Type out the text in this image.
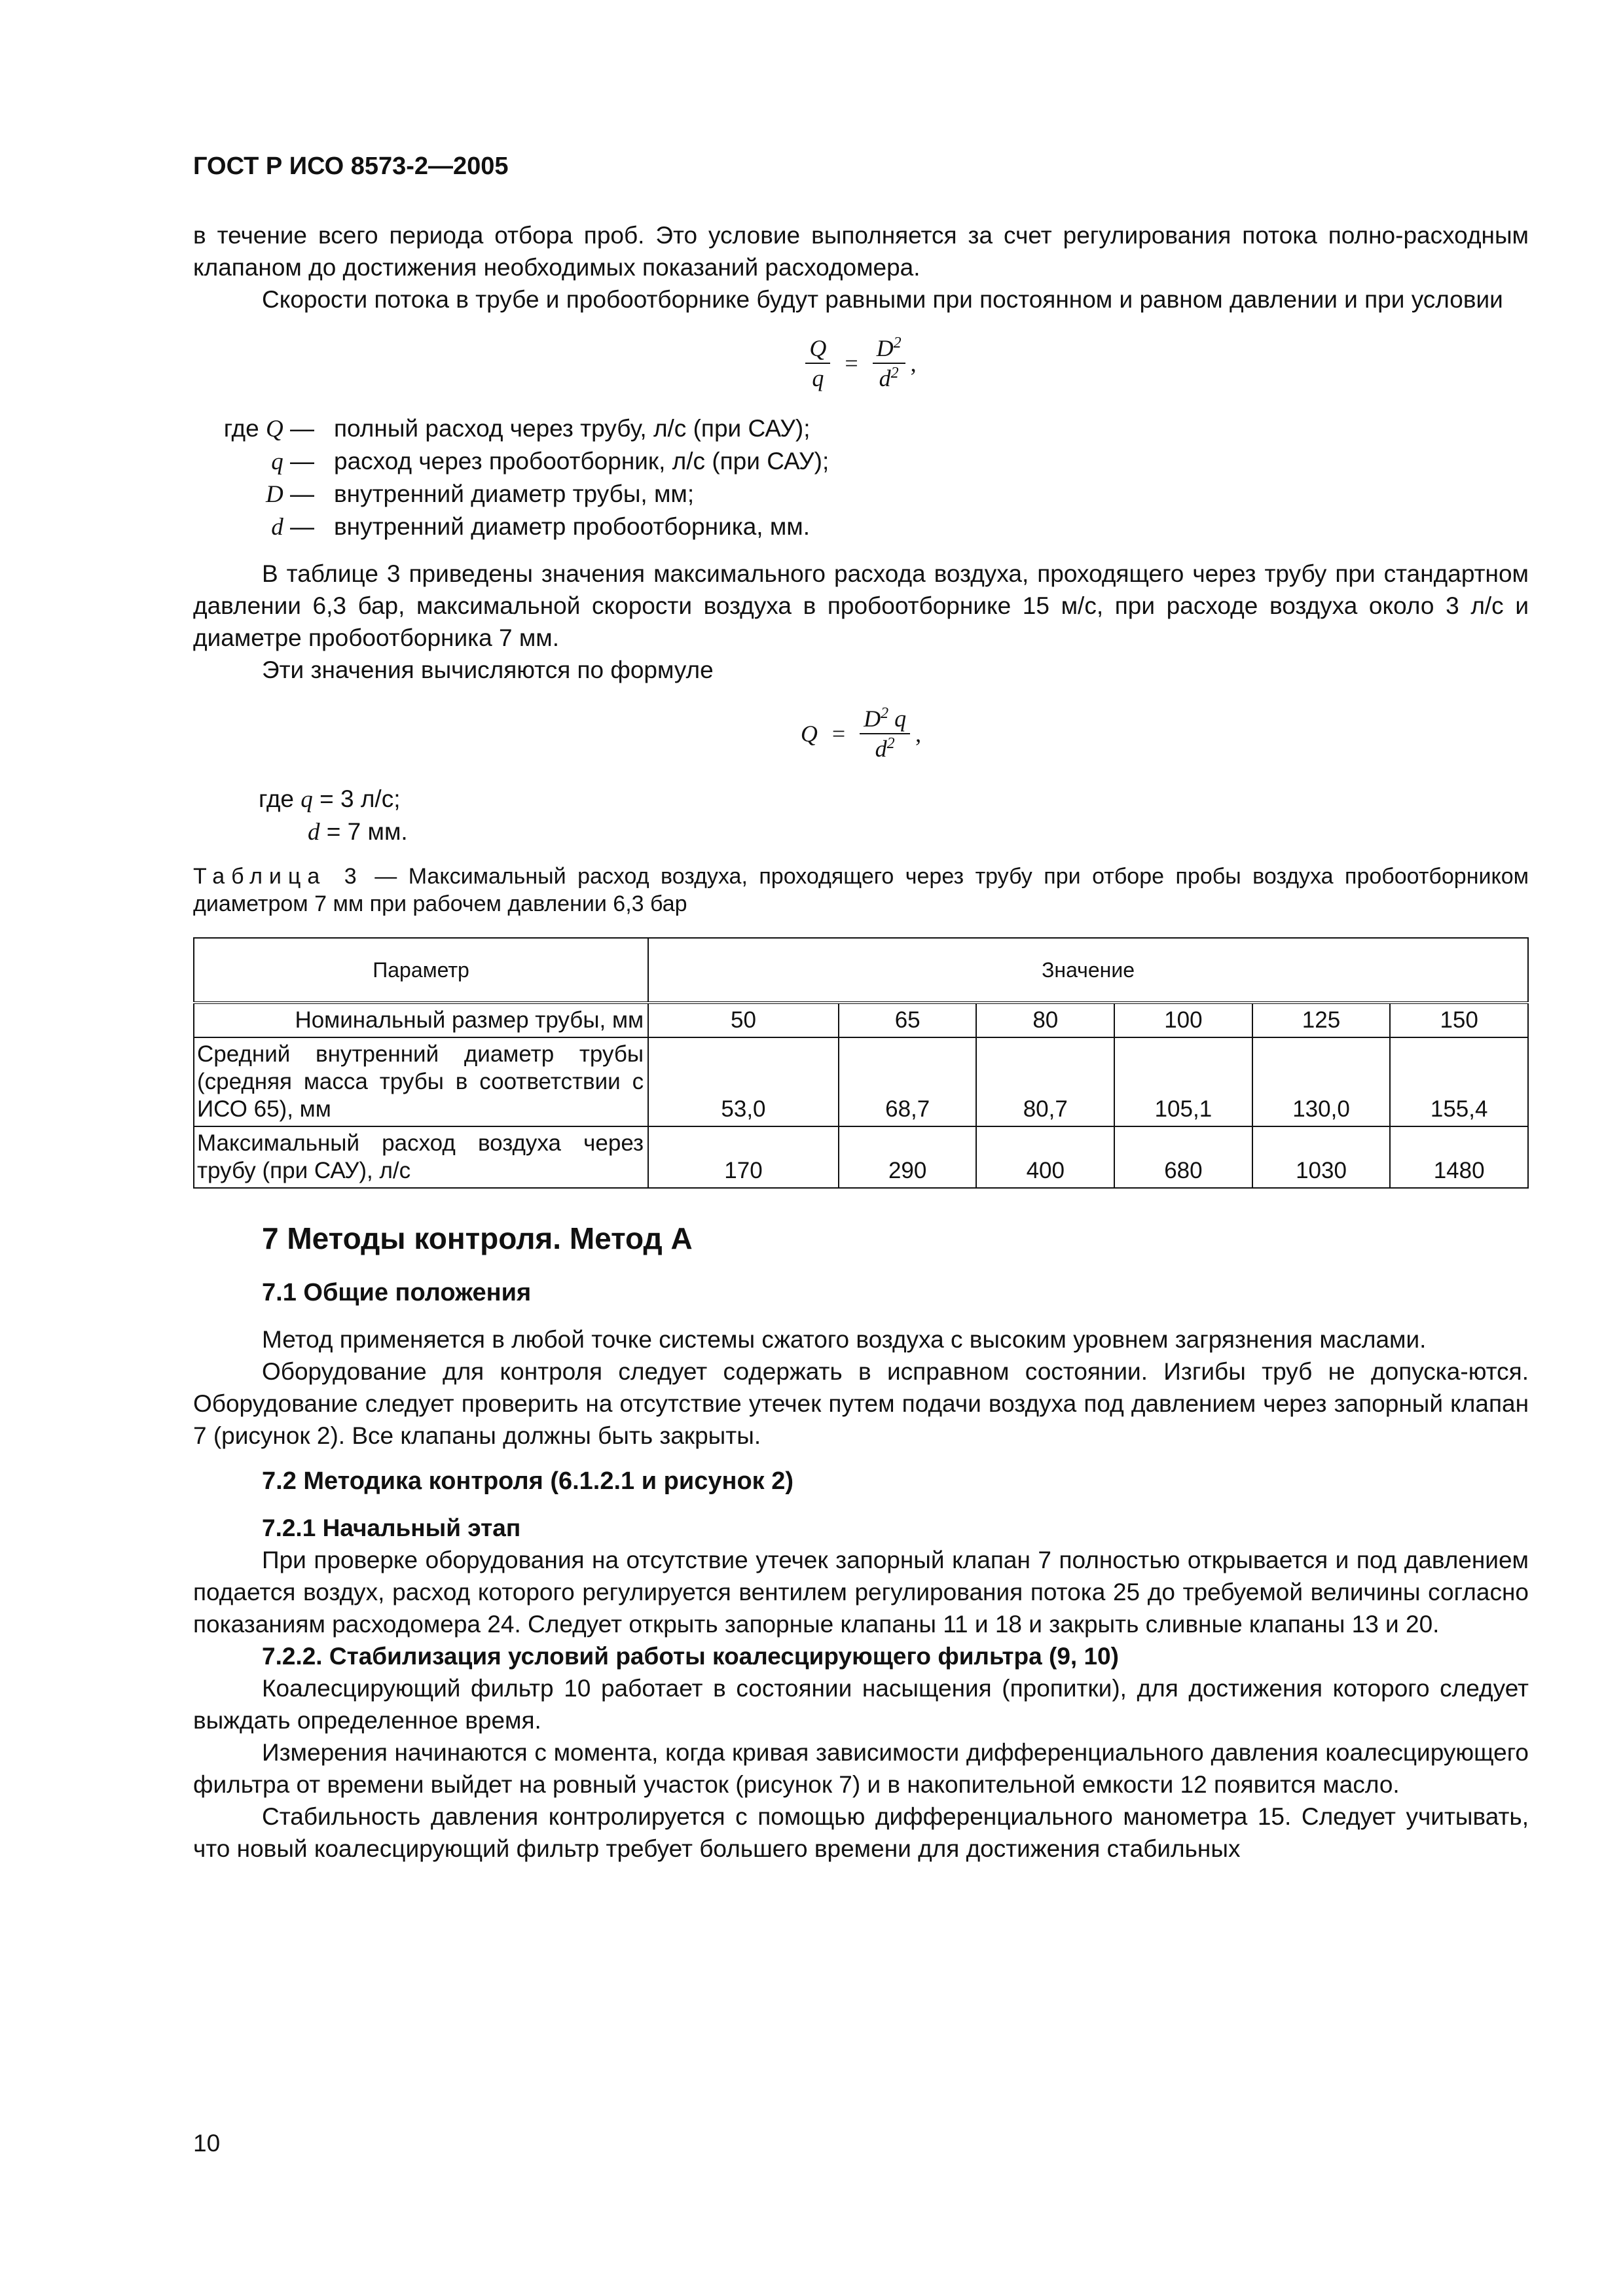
ГОСТ Р ИСО 8573-2—2005

в течение всего периода отбора проб. Это условие выполняется за счет регулирования потока полно-расходным клапаном до достижения необходимых показаний расходомера.

Скорости потока в трубе и пробоотборнике будут равными при постоянном и равном давлении и при условии

$\frac{Q}{q} = \frac{D^2}{d^2}$ ,
где Q — полный расход через трубу, л/с (при САУ);
q — расход через пробоотборник, л/с (при САУ);
D — внутренний диаметр трубы, мм;
d — внутренний диаметр пробоотборника, мм.

В таблице 3 приведены значения максимального расхода воздуха, проходящего через трубу при стандартном давлении 6,3 бар, максимальной скорости воздуха в пробоотборнике 15 м/с, при расходе воздуха около 3 л/с и диаметре пробоотборника 7 мм.

Эти значения вычисляются по формуле

$Q = \frac{D^2 q}{d^2}$ ,
где q = 3 л/с;
d = 7 мм.
Таблица 3 — Максимальный расход воздуха, проходящего через трубу при отборе пробы воздуха пробоотборником диаметром 7 мм при рабочем давлении 6,3 бар
Параметр	Значение					
Номинальный размер трубы, мм	50	65	80	100	125	150
Средний внутренний диаметр трубы (средняя масса трубы в соответствии с ИСО 65), мм	53,0	68,7	80,7	105,1	130,0	155,4
Максимальный расход воздуха через трубу (при САУ), л/с	170	290	400	680	1030	1480
7 Методы контроля. Метод А
7.1 Общие положения

Метод применяется в любой точке системы сжатого воздуха с высоким уровнем загрязнения маслами.

Оборудование для контроля следует содержать в исправном состоянии. Изгибы труб не допуска-ются. Оборудование следует проверить на отсутствие утечек путем подачи воздуха под давлением через запорный клапан 7 (рисунок 2). Все клапаны должны быть закрыты.

7.2 Методика контроля (6.1.2.1 и рисунок 2)
7.2.1 Начальный этап

При проверке оборудования на отсутствие утечек запорный клапан 7 полностью открывается и под давлением подается воздух, расход которого регулируется вентилем регулирования потока 25 до требуемой величины согласно показаниям расходомера 24. Следует открыть запорные клапаны 11 и 18 и закрыть сливные клапаны 13 и 20.

7.2.2. Стабилизация условий работы коалесцирующего фильтра (9, 10)

Коалесцирующий фильтр 10 работает в состоянии насыщения (пропитки), для достижения которого следует выждать определенное время.

Измерения начинаются с момента, когда кривая зависимости дифференциального давления коалесцирующего фильтра от времени выйдет на ровный участок (рисунок 7) и в накопительной емкости 12 появится масло.

Стабильность давления контролируется с помощью дифференциального манометра 15. Следует учитывать, что новый коалесцирующий фильтр требует большего времени для достижения стабильных

10
